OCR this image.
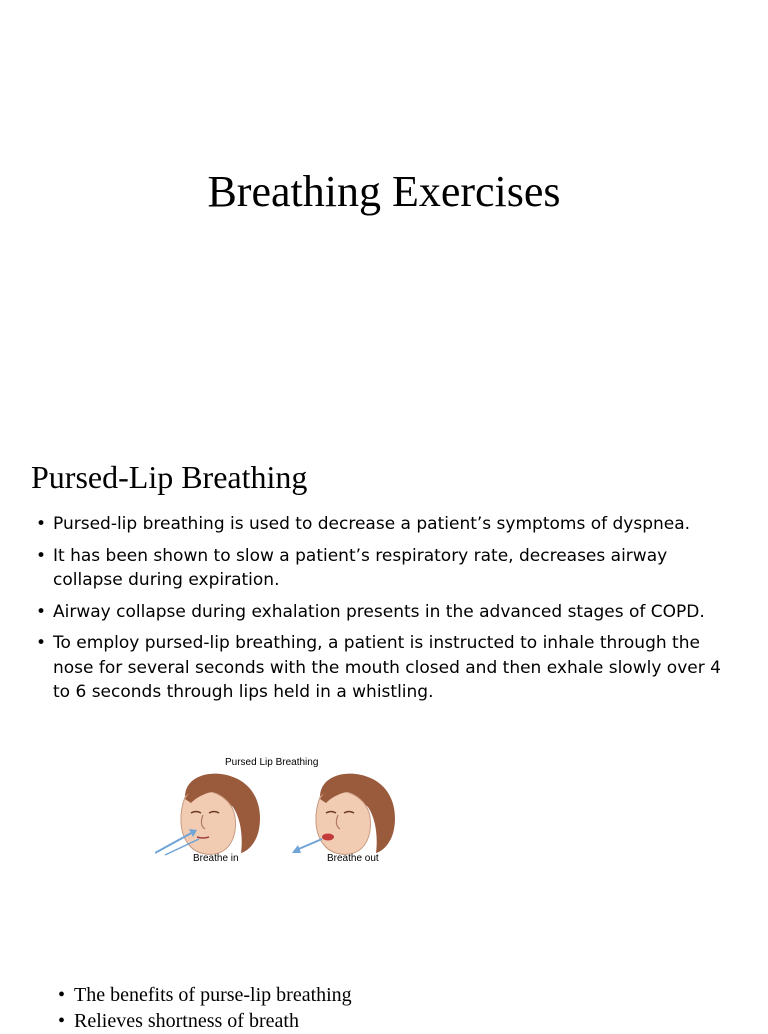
Breathing Exercises
Pursed-Lip Breathing
• Pursed-lip breathing is used to decrease a patient’s symptoms of dyspnea.
• It has been shown to slow a patient’s respiratory rate, decreases airway collapse during expiration.
• Airway collapse during exhalation presents in the advanced stages of COPD.
• To employ pursed-lip breathing, a patient is instructed to inhale through the nose for several seconds with the mouth closed and then exhale slowly over 4 to 6 seconds through lips held in a whistling.
Pursed Lip Breathing
Breathe in	Breathe out
• The benefits of purse-lip breathing
• Relieves shortness of breath
